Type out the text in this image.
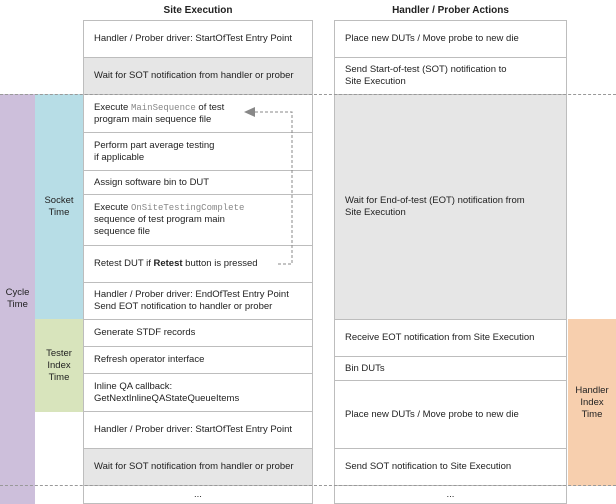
Site Execution	Handler / Prober Actions
Cycle
Time
Socket
Time
Tester
Index
Time
Handler
Index
Time
Handler / Prober driver: StartOfTest Entry Point
Wait for SOT notification from handler or prober
Execute MainSequence of test
program main sequence file
Perform part average testing
if applicable
Assign software bin to DUT
Execute OnSiteTestingComplete
sequence of test program main
sequence file
Retest DUT if Retest button is pressed
Handler / Prober driver: EndOfTest Entry Point
Send EOT notification to handler or prober
Generate STDF records
Refresh operator interface
Inline QA callback:
GetNextInlineQAStateQueueItems
Handler / Prober driver: StartOfTest Entry Point
Wait for SOT notification from handler or prober
...
Place new DUTs / Move probe to new die
Send Start-of-test (SOT) notification to
Site Execution
Wait for End-of-test (EOT) notification from
Site Execution
Receive EOT notification from Site Execution
Bin DUTs
Place new DUTs / Move probe to new die
Send SOT notification to Site Execution
...
